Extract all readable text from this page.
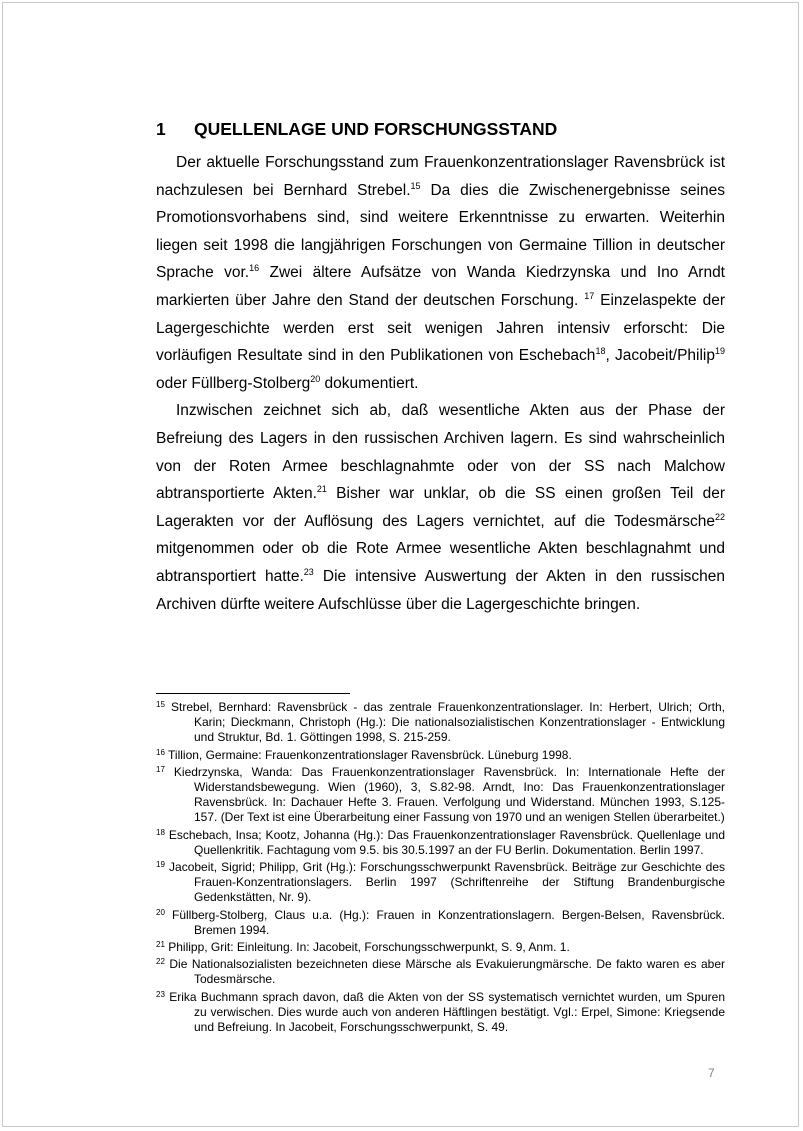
1	QUELLENLAGE UND FORSCHUNGSSTAND

Der aktuelle Forschungsstand zum Frauenkonzentrationslager Ravensbrück ist nachzulesen bei Bernhard Strebel.$^{15}$ Da dies die Zwischenergebnisse seines Promotionsvorhabens sind, sind weitere Erkenntnisse zu erwarten. Weiterhin liegen seit 1998 die langjährigen Forschungen von Germaine Tillion in deutscher Sprache vor.$^{16}$ Zwei ältere Aufsätze von Wanda Kiedrzynska und Ino Arndt markierten über Jahre den Stand der deutschen Forschung. $^{17}$ Einzelaspekte der Lagergeschichte werden erst seit wenigen Jahren intensiv erforscht: Die vorläufigen Resultate sind in den Publikationen von Eschebach$^{18}$, Jacobeit/Philip$^{19}$ oder Füllberg-Stolberg$^{20}$ dokumentiert.

Inzwischen zeichnet sich ab, daß wesentliche Akten aus der Phase der Befreiung des Lagers in den russischen Archiven lagern. Es sind wahrscheinlich von der Roten Armee beschlagnahmte oder von der SS nach Malchow abtransportierte Akten.$^{21}$ Bisher war unklar, ob die SS einen großen Teil der Lagerakten vor der Auflösung des Lagers vernichtet, auf die Todesmärsche$^{22}$ mitgenommen oder ob die Rote Armee wesentliche Akten beschlagnahmt und abtransportiert hatte.$^{23}$ Die intensive Auswertung der Akten in den russischen Archiven dürfte weitere Aufschlüsse über die Lagergeschichte bringen.

$^{15}$ Strebel, Bernhard: Ravensbrück - das zentrale Frauenkonzentrationslager. In: Herbert, Ulrich; Orth, Karin; Dieckmann, Christoph (Hg.): Die nationalsozialistischen Konzentrationslager - Entwicklung und Struktur, Bd. 1. Göttingen 1998, S. 215-259.

$^{16}$ Tillion, Germaine: Frauenkonzentrationslager Ravensbrück. Lüneburg 1998.

$^{17}$ Kiedrzynska, Wanda: Das Frauenkonzentrationslager Ravensbrück. In: Internationale Hefte der Widerstandsbewegung. Wien (1960), 3, S.82-98. Arndt, Ino: Das Frauenkonzentrationslager Ravensbrück. In: Dachauer Hefte 3. Frauen. Verfolgung und Widerstand. München 1993, S.125-157. (Der Text ist eine Überarbeitung einer Fassung von 1970 und an wenigen Stellen überarbeitet.)

$^{18}$ Eschebach, Insa; Kootz, Johanna (Hg.): Das Frauenkonzentrationslager Ravensbrück. Quellenlage und Quellenkritik. Fachtagung vom 9.5. bis 30.5.1997 an der FU Berlin. Dokumentation. Berlin 1997.

$^{19}$ Jacobeit, Sigrid; Philipp, Grit (Hg.): Forschungsschwerpunkt Ravensbrück. Beiträge zur Geschichte des Frauen-Konzentrationslagers. Berlin 1997 (Schriftenreihe der Stiftung Brandenburgische Gedenkstätten, Nr. 9).

$^{20}$ Füllberg-Stolberg, Claus u.a. (Hg.): Frauen in Konzentrationslagern. Bergen-Belsen, Ravensbrück. Bremen 1994.

$^{21}$ Philipp, Grit: Einleitung. In: Jacobeit, Forschungsschwerpunkt, S. 9, Anm. 1.

$^{22}$ Die Nationalsozialisten bezeichneten diese Märsche als Evakuierungmärsche. De fakto waren es aber Todesmärsche.

$^{23}$ Erika Buchmann sprach davon, daß die Akten von der SS systematisch vernichtet wurden, um Spuren zu verwischen. Dies wurde auch von anderen Häftlingen bestätigt. Vgl.: Erpel, Simone: Kriegsende und Befreiung. In Jacobeit, Forschungsschwerpunkt, S. 49.

7
